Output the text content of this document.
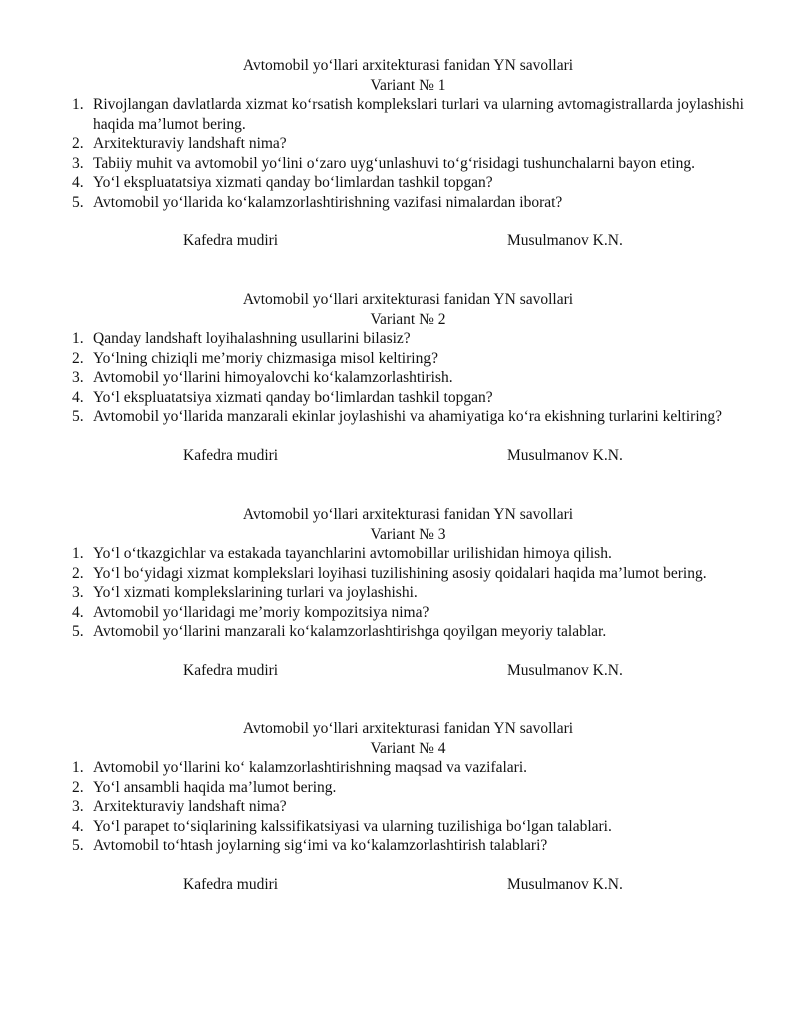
Avtomobil yo‘llari arxitekturasi fanidan YN savollari

Variant № 1

1. Rivojlangan davlatlarda xizmat ko‘rsatish komplekslari turlari va ularning avtomagistrallarda joylashishi haqida ma’lumot bering.
2. Arxitekturaviy landshaft nima?
3. Tabiiy muhit va avtomobil yo‘lini o‘zaro uyg‘unlashuvi to‘g‘risidagi tushunchalarni bayon eting.
4. Yo‘l ekspluatatsiya xizmati qanday bo‘limlardan tashkil topgan?
5. Avtomobil yo‘llarida ko‘kalamzorlashtirishning vazifasi nimalardan iborat?
Kafedra mudiri	Musulmanov K.N.

Avtomobil yo‘llari arxitekturasi fanidan YN savollari

Variant № 2

1. Qanday landshaft loyihalashning usullarini bilasiz?
2. Yo‘lning chiziqli me’moriy chizmasiga misol keltiring?
3. Avtomobil yo‘llarini himoyalovchi ko‘kalamzorlashtirish.
4. Yo‘l ekspluatatsiya xizmati qanday bo‘limlardan tashkil topgan?
5. Avtomobil yo‘llarida manzarali ekinlar joylashishi va ahamiyatiga ko‘ra ekishning turlarini keltiring?
Kafedra mudiri	Musulmanov K.N.

Avtomobil yo‘llari arxitekturasi fanidan YN savollari

Variant № 3

1. Yo‘l o‘tkazgichlar va estakada tayanchlarini avtomobillar urilishidan himoya qilish.
2. Yo‘l bo‘yidagi xizmat komplekslari loyihasi tuzilishining asosiy qoidalari haqida ma’lumot bering.
3. Yo‘l xizmati komplekslarining turlari va joylashishi.
4. Avtomobil yo‘llaridagi me’moriy kompozitsiya nima?
5. Avtomobil yo‘llarini manzarali ko‘kalamzorlashtirishga qoyilgan meyoriy talablar.
Kafedra mudiri	Musulmanov K.N.

Avtomobil yo‘llari arxitekturasi fanidan YN savollari

Variant № 4

1. Avtomobil yo‘llarini ko‘ kalamzorlashtirishning maqsad va vazifalari.
2. Yo‘l ansambli haqida ma’lumot bering.
3. Arxitekturaviy landshaft nima?
4. Yo‘l parapet to‘siqlarining kalssifikatsiyasi va ularning tuzilishiga bo‘lgan talablari.
5. Avtomobil to‘htash joylarning sig‘imi va ko‘kalamzorlashtirish talablari?
Kafedra mudiri	Musulmanov K.N.
